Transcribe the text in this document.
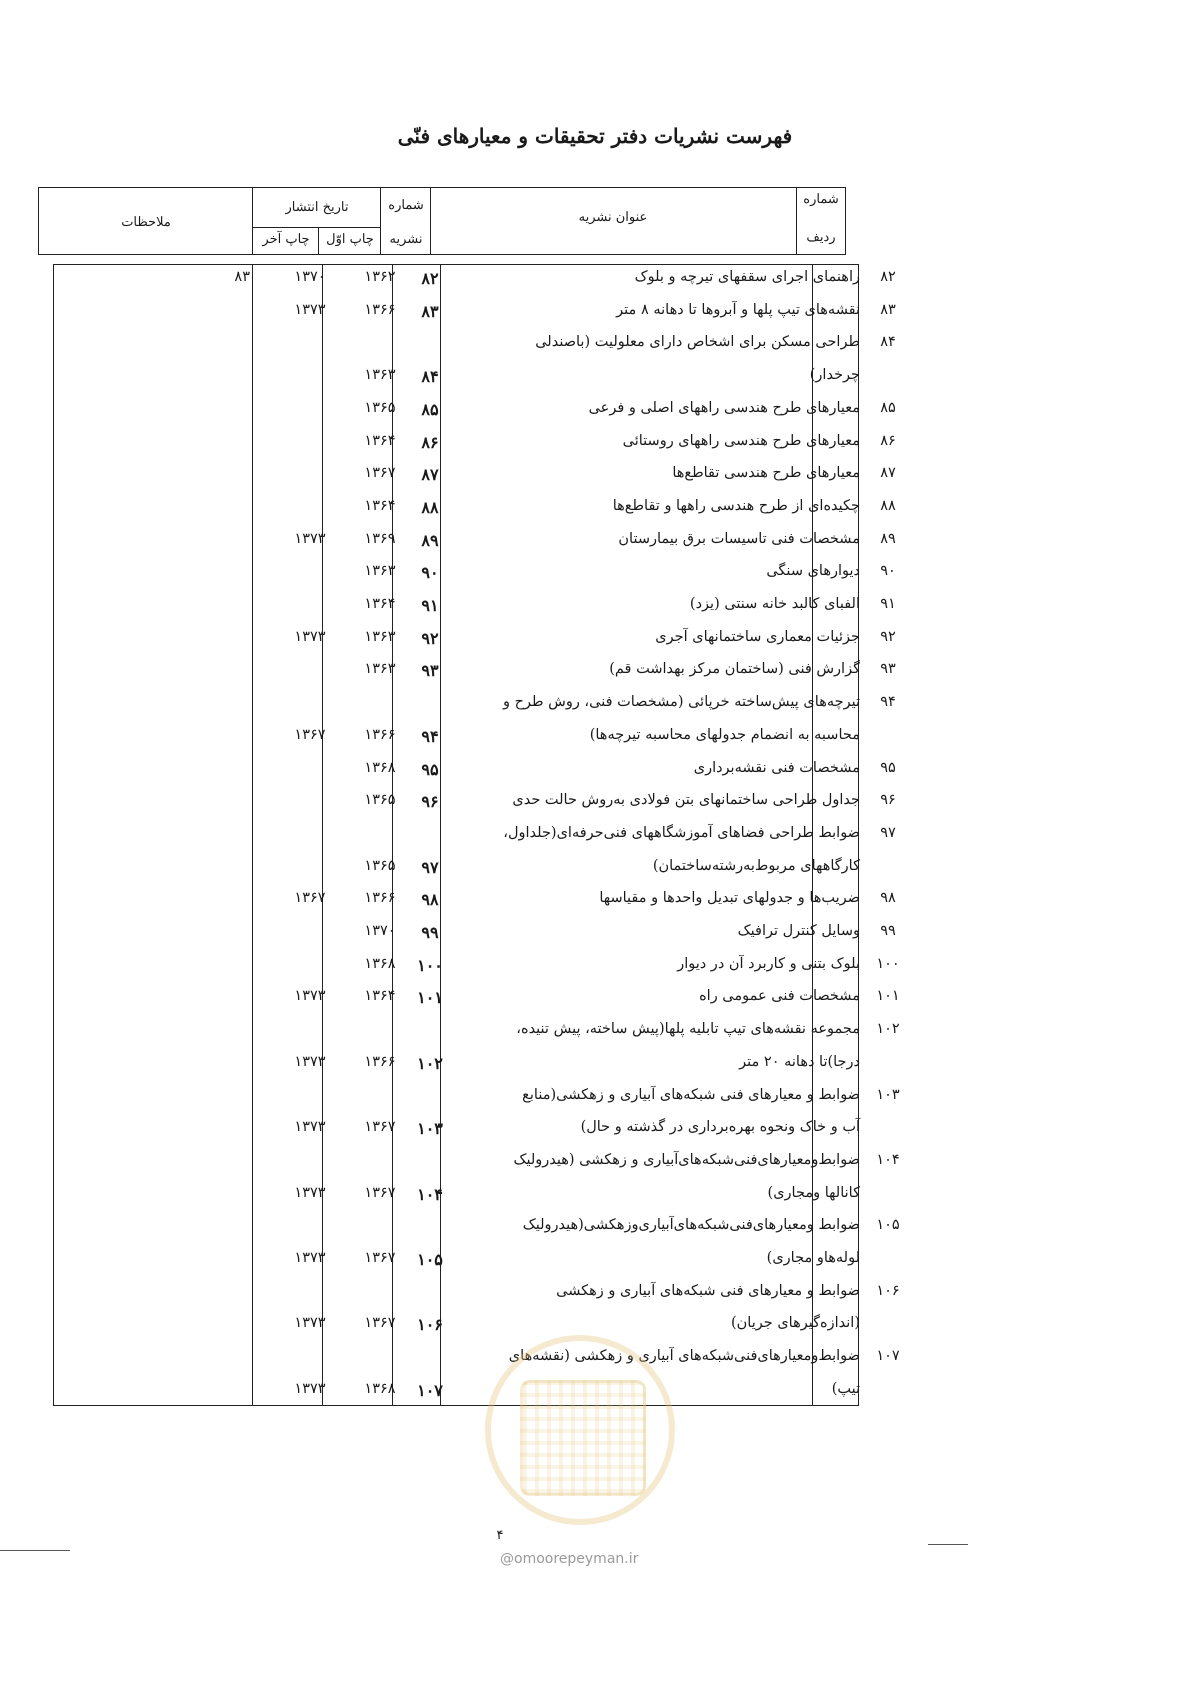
فهرست نشریات دفتر تحقیقات و معیارهای فنّی
شماره
ردیف
عنوان نشریه
شماره
نشریه
تاریخ انتشار
چاپ اوّل
چاپ آخر
ملاحظات
۸۲
راهنمای اجرای سقفهای تیرچه و بلوک
۸۲
۱۳۶۲
۱۳۷۰
۸۳
۸۳
نقشه‌های تیپ پلها و آبروها تا دهانه ۸ متر
۸۳
۱۳۶۶
۱۳۷۳
۸۴
طراحی مسکن برای اشخاص دارای معلولیت (باصندلی
چرخدار)
۸۴
۱۳۶۳
۸۵
معیارهای طرح هندسی راههای اصلی و فرعی
۸۵
۱۳۶۵
۸۶
معیارهای طرح هندسی راههای روستائی
۸۶
۱۳۶۴
۸۷
معیارهای طرح هندسی تقاطع‌ها
۸۷
۱۳۶۷
۸۸
چکیده‌ای از طرح هندسی راهها و تقاطع‌ها
۸۸
۱۳۶۴
۸۹
مشخصات فنی تاسیسات برق بیمارستان
۸۹
۱۳۶۹
۱۳۷۳
۹۰
دیوارهای سنگی
۹۰
۱۳۶۳
۹۱
الفبای کالبد خانه سنتی (یزد)
۹۱
۱۳۶۴
۹۲
جزئیات معماری ساختمانهای آجری
۹۲
۱۳۶۳
۱۳۷۳
۹۳
گزارش فنی (ساختمان مرکز بهداشت قم)
۹۳
۱۳۶۳
۹۴
تیرچه‌های پیش‌ساخته خرپائی (مشخصات فنی، روش طرح و
محاسبه به انضمام جدولهای محاسبه تیرچه‌ها)
۹۴
۱۳۶۶
۱۳۶۷
۹۵
مشخصات فنی نقشه‌برداری
۹۵
۱۳۶۸
۹۶
جداول طراحی ساختمانهای بتن فولادی به‌روش حالت حدی
۹۶
۱۳۶۵
۹۷
ضوابط طراحی فضاهای آموزشگاههای فنی‌حرفه‌ای(جلداول،
کارگاههای مربوط‌به‌رشته‌ساختمان)
۹۷
۱۳۶۵
۹۸
ضریب‌ها و جدولهای تبدیل واحدها و مقیاسها
۹۸
۱۳۶۶
۱۳۶۷
۹۹
وسایل کنترل ترافیک
۹۹
۱۳۷۰
۱۰۰
بلوک بتنی و کاربرد آن در دیوار
۱۰۰
۱۳۶۸
۱۰۱
مشخصات فنی عمومی راه
۱۰۱
۱۳۶۴
۱۳۷۳
۱۰۲
مجموعه نقشه‌های تیپ تابلیه پلها(پیش ساخته، پیش تنیده،
درجا)تا دهانه ۲۰ متر
۱۰۲
۱۳۶۶
۱۳۷۳
۱۰۳
ضوابط و معیارهای فنی شبکه‌های آبیاری و زهکشی(منابع
آب و خاک ونحوه بهره‌برداری در گذشته و حال)
۱۰۳
۱۳۶۷
۱۳۷۳
۱۰۴
ضوابط‌ومعیارهای‌فنی‌شبکه‌های‌آبیاری و زهکشی (هیدرولیک
کانالها ومجاری)
۱۰۴
۱۳۶۷
۱۳۷۳
۱۰۵
ضوابط ومعیارهای‌فنی‌شبکه‌های‌آبیاری‌وزهکشی(هیدرولیک
لوله‌هاو مجاری)
۱۰۵
۱۳۶۷
۱۳۷۳
۱۰۶
ضوابط و معیارهای فنی شبکه‌های آبیاری و زهکشی
(اندازه‌گیرهای جریان)
۱۰۶
۱۳۶۷
۱۳۷۳
۱۰۷
ضوابط‌ومعیارهای‌فنی‌شبکه‌های آبیاری و زهکشی (نقشه‌های
تیپ)
۱۰۷
۱۳۶۸
۱۳۷۳
۴
@omoorepeyman.ir
